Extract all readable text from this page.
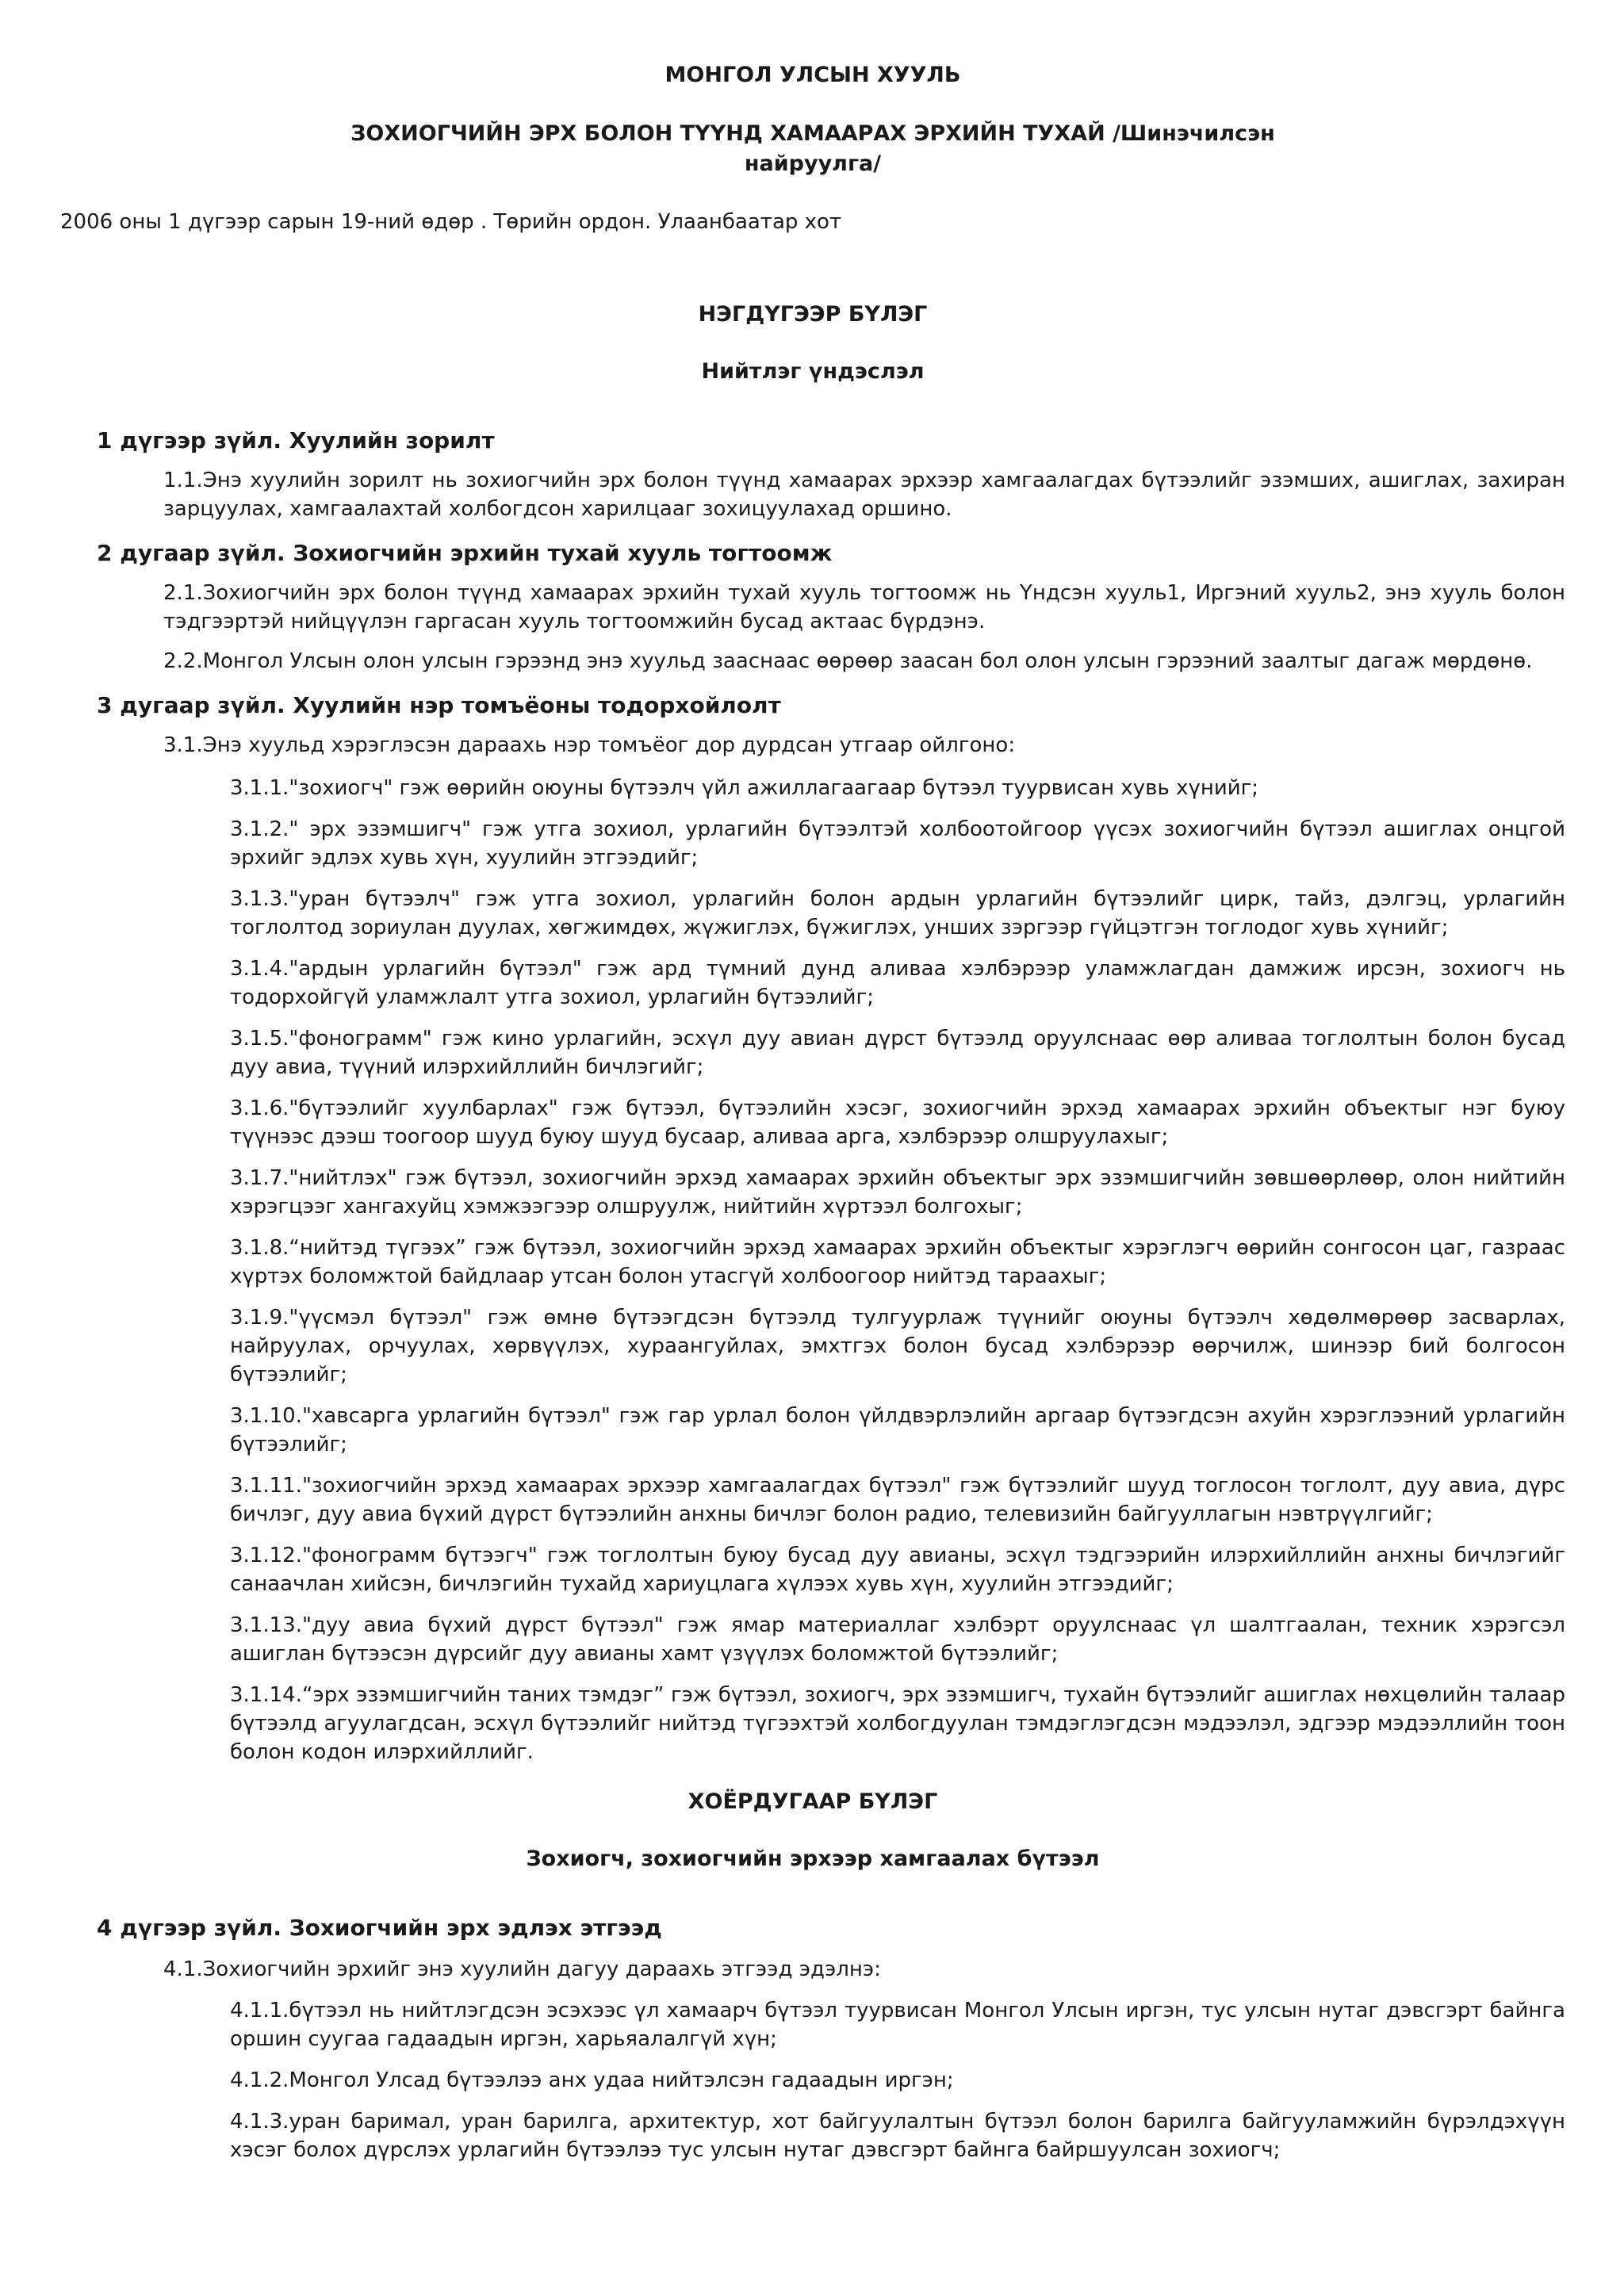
МОНГОЛ УЛСЫН ХУУЛЬ

ЗОХИОГЧИЙН ЭРХ БОЛОН ТҮҮНД ХАМААРАХ ЭРХИЙН ТУХАЙ /Шинэчилсэн

найруулга/

2006 оны 1 дүгээр сарын 19-ний өдөр . Төрийн ордон. Улаанбаатар хот

НЭГДҮГЭЭР БҮЛЭГ

Нийтлэг үндэслэл

1 дүгээр зүйл. Хуулийн зорилт

1.1.Энэ хуулийн зорилт нь зохиогчийн эрх болон түүнд хамаарах эрхээр хамгаалагдах бүтээлийг эзэмших, ашиглах, захиран зарцуулах, хамгаалахтай холбогдсон харилцааг зохицуулахад оршино.

2 дугаар зүйл. Зохиогчийн эрхийн тухай хууль тогтоомж

2.1.Зохиогчийн эрх болон түүнд хамаарах эрхийн тухай хууль тогтоомж нь Үндсэн хууль1, Иргэний хууль2, энэ хууль болон тэдгээртэй нийцүүлэн гаргасан хууль тогтоомжийн бусад актаас бүрдэнэ.

2.2.Монгол Улсын олон улсын гэрээнд энэ хуульд зааснаас өөрөөр заасан бол олон улсын гэрээний заалтыг дагаж мөрдөнө.

3 дугаар зүйл. Хуулийн нэр томъёоны тодорхойлолт

3.1.Энэ хуульд хэрэглэсэн дараахь нэр томъёог дор дурдсан утгаар ойлгоно:

3.1.1."зохиогч" гэж өөрийн оюуны бүтээлч үйл ажиллагаагаар бүтээл туурвисан хувь хүнийг;

3.1.2." эрх эзэмшигч" гэж утга зохиол, урлагийн бүтээлтэй холбоотойгоор үүсэх зохиогчийн бүтээл ашиглах онцгой эрхийг эдлэх хувь хүн, хуулийн этгээдийг;

3.1.3."уран бүтээлч" гэж утга зохиол, урлагийн болон ардын урлагийн бүтээлийг цирк, тайз, дэлгэц, урлагийн тоглолтод зориулан дуулах, хөгжимдөх, жүжиглэх, бүжиглэх, унших зэргээр гүйцэтгэн тоглодог хувь хүнийг;

3.1.4."ардын урлагийн бүтээл" гэж ард түмний дунд аливаа хэлбэрээр уламжлагдан дамжиж ирсэн, зохиогч нь тодорхойгүй уламжлалт утга зохиол, урлагийн бүтээлийг;

3.1.5."фонограмм" гэж кино урлагийн, эсхүл дуу авиан дүрст бүтээлд оруулснаас өөр аливаа тоглолтын болон бусад дуу авиа, түүний илэрхийллийн бичлэгийг;

3.1.6."бүтээлийг хуулбарлах" гэж бүтээл, бүтээлийн хэсэг, зохиогчийн эрхэд хамаарах эрхийн объектыг нэг буюу түүнээс дээш тоогоор шууд буюу шууд бусаар, аливаа арга, хэлбэрээр олшруулахыг;

3.1.7."нийтлэх" гэж бүтээл, зохиогчийн эрхэд хамаарах эрхийн объектыг эрх эзэмшигчийн зөвшөөрлөөр, олон нийтийн хэрэгцээг хангахуйц хэмжээгээр олшруулж, нийтийн хүртээл болгохыг;

3.1.8.“нийтэд түгээх” гэж бүтээл, зохиогчийн эрхэд хамаарах эрхийн объектыг хэрэглэгч өөрийн сонгосон цаг, газраас хүртэх боломжтой байдлаар утсан болон утасгүй холбоогоор нийтэд тараахыг;

3.1.9."үүсмэл бүтээл" гэж өмнө бүтээгдсэн бүтээлд тулгуурлаж түүнийг оюуны бүтээлч хөдөлмөрөөр засварлах, найруулах, орчуулах, хөрвүүлэх, хураангуйлах, эмхтгэх болон бусад хэлбэрээр өөрчилж, шинээр бий болгосон бүтээлийг;

3.1.10."хавсарга урлагийн бүтээл" гэж гар урлал болон үйлдвэрлэлийн аргаар бүтээгдсэн ахуйн хэрэглээний урлагийн бүтээлийг;

3.1.11."зохиогчийн эрхэд хамаарах эрхээр хамгаалагдах бүтээл" гэж бүтээлийг шууд тоглосон тоглолт, дуу авиа, дүрс бичлэг, дуу авиа бүхий дүрст бүтээлийн анхны бичлэг болон радио, телевизийн байгууллагын нэвтрүүлгийг;

3.1.12."фонограмм бүтээгч" гэж тоглолтын буюу бусад дуу авианы, эсхүл тэдгээрийн илэрхийллийн анхны бичлэгийг санаачлан хийсэн, бичлэгийн тухайд хариуцлага хүлээх хувь хүн, хуулийн этгээдийг;

3.1.13."дуу авиа бүхий дүрст бүтээл" гэж ямар материаллаг хэлбэрт оруулснаас үл шалтгаалан, техник хэрэгсэл ашиглан бүтээсэн дүрсийг дуу авианы хамт үзүүлэх боломжтой бүтээлийг;

3.1.14.“эрх эзэмшигчийн таних тэмдэг” гэж бүтээл, зохиогч, эрх эзэмшигч, тухайн бүтээлийг ашиглах нөхцөлийн талаар бүтээлд агуулагдсан, эсхүл бүтээлийг нийтэд түгээхтэй холбогдуулан тэмдэглэгдсэн мэдээлэл, эдгээр мэдээллийн тоон болон кодон илэрхийллийг.

ХОЁРДУГААР БҮЛЭГ

Зохиогч, зохиогчийн эрхээр хамгаалах бүтээл

4 дүгээр зүйл. Зохиогчийн эрх эдлэх этгээд

4.1.Зохиогчийн эрхийг энэ хуулийн дагуу дараахь этгээд эдэлнэ:

4.1.1.бүтээл нь нийтлэгдсэн эсэхээс үл хамаарч бүтээл туурвисан Монгол Улсын иргэн, тус улсын нутаг дэвсгэрт байнга оршин суугаа гадаадын иргэн, харьяалалгүй хүн;

4.1.2.Монгол Улсад бүтээлээ анх удаа нийтэлсэн гадаадын иргэн;

4.1.3.уран баримал, уран барилга, архитектур, хот байгуулалтын бүтээл болон барилга байгууламжийн бүрэлдэхүүн хэсэг болох дүрслэх урлагийн бүтээлээ тус улсын нутаг дэвсгэрт байнга байршуулсан зохиогч;
